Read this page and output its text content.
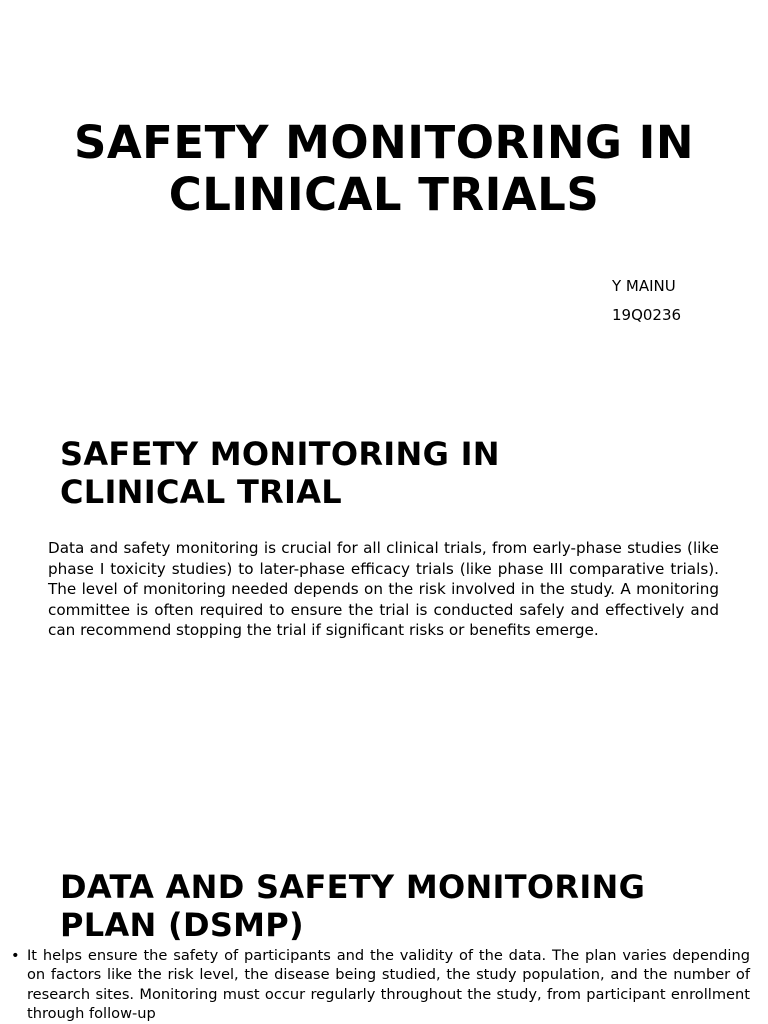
SAFETY MONITORING IN CLINICAL TRIALS
Y MAINU
19Q0236
SAFETY MONITORING IN CLINICAL TRIAL

Data and safety monitoring is crucial for all clinical trials, from early-phase studies (like phase I toxicity studies) to later-phase efficacy trials (like phase III comparative trials). The level of monitoring needed depends on the risk involved in the study. A monitoring committee is often required to ensure the trial is conducted safely and effectively and can recommend stopping the trial if significant risks or benefits emerge.

DATA AND SAFETY MONITORING PLAN (DSMP)
• It helps ensure the safety of participants and the validity of the data. The plan varies depending on factors like the risk level, the disease being studied, the study population, and the number of research sites. Monitoring must occur regularly throughout the study, from participant enrollment through follow-up
